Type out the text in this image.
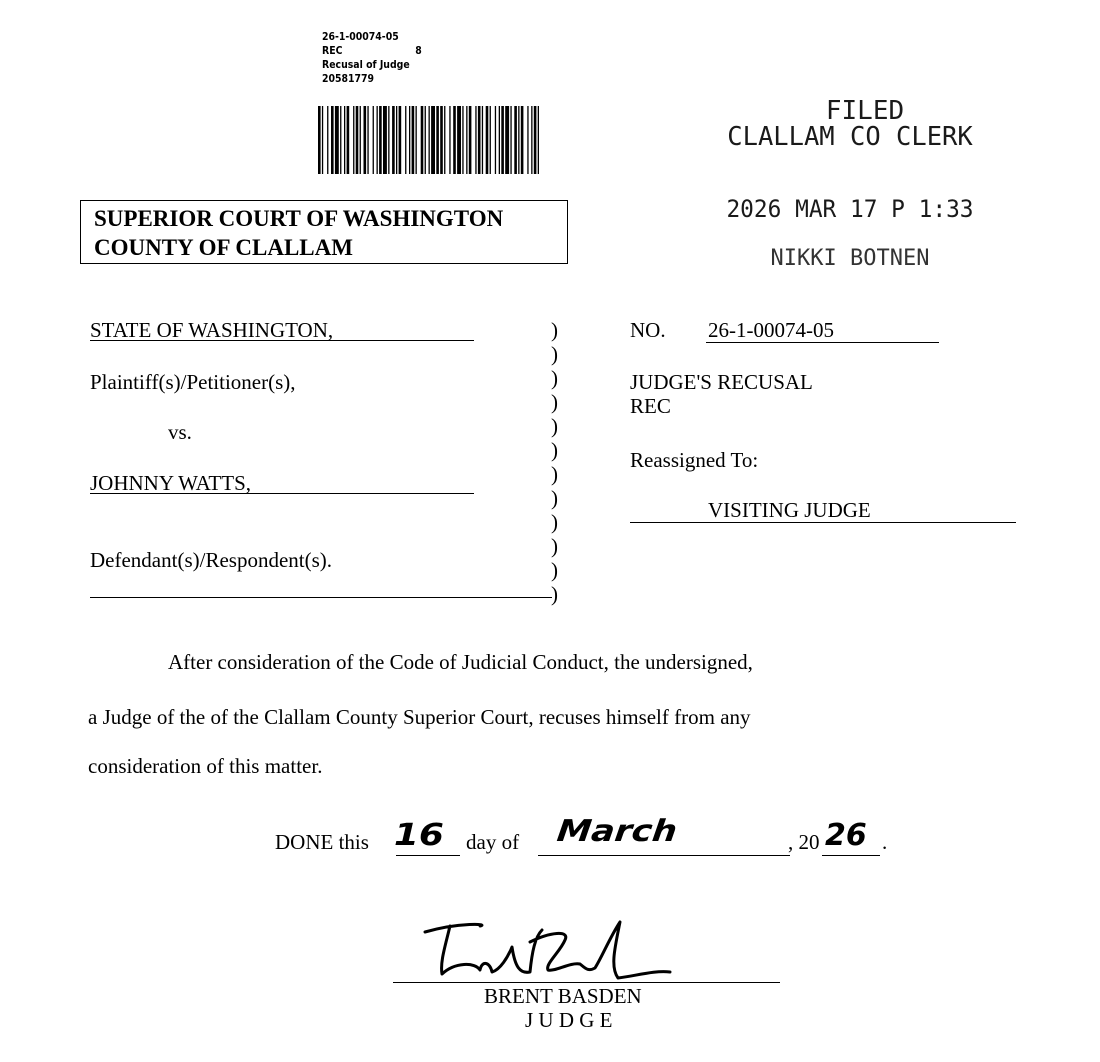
26-1-00074-05
REC	8
Recusal of Judge
20581779
SUPERIOR COURT OF WASHINGTON
COUNTY OF CLALLAM
FILED
CLALLAM CO CLERK
2026 MAR 17 P 1:33
NIKKI BOTNEN
STATE OF WASHINGTON,
Plaintiff(s)/Petitioner(s),
vs.
JOHNNY WATTS,
Defendant(s)/Respondent(s).
)
)
)
)
)
)
)
)
)
)
)
)
NO. 26-1-00074-05
JUDGE'S RECUSAL
REC
Reassigned To:
VISITING JUDGE
After consideration of the Code of Judicial Conduct, the undersigned,
a Judge of the of the Clallam County Superior Court, recuses himself from any
consideration of this matter.
DONE this 16 day of March	, 20 26 .
BRENT BASDEN
J U D G E
